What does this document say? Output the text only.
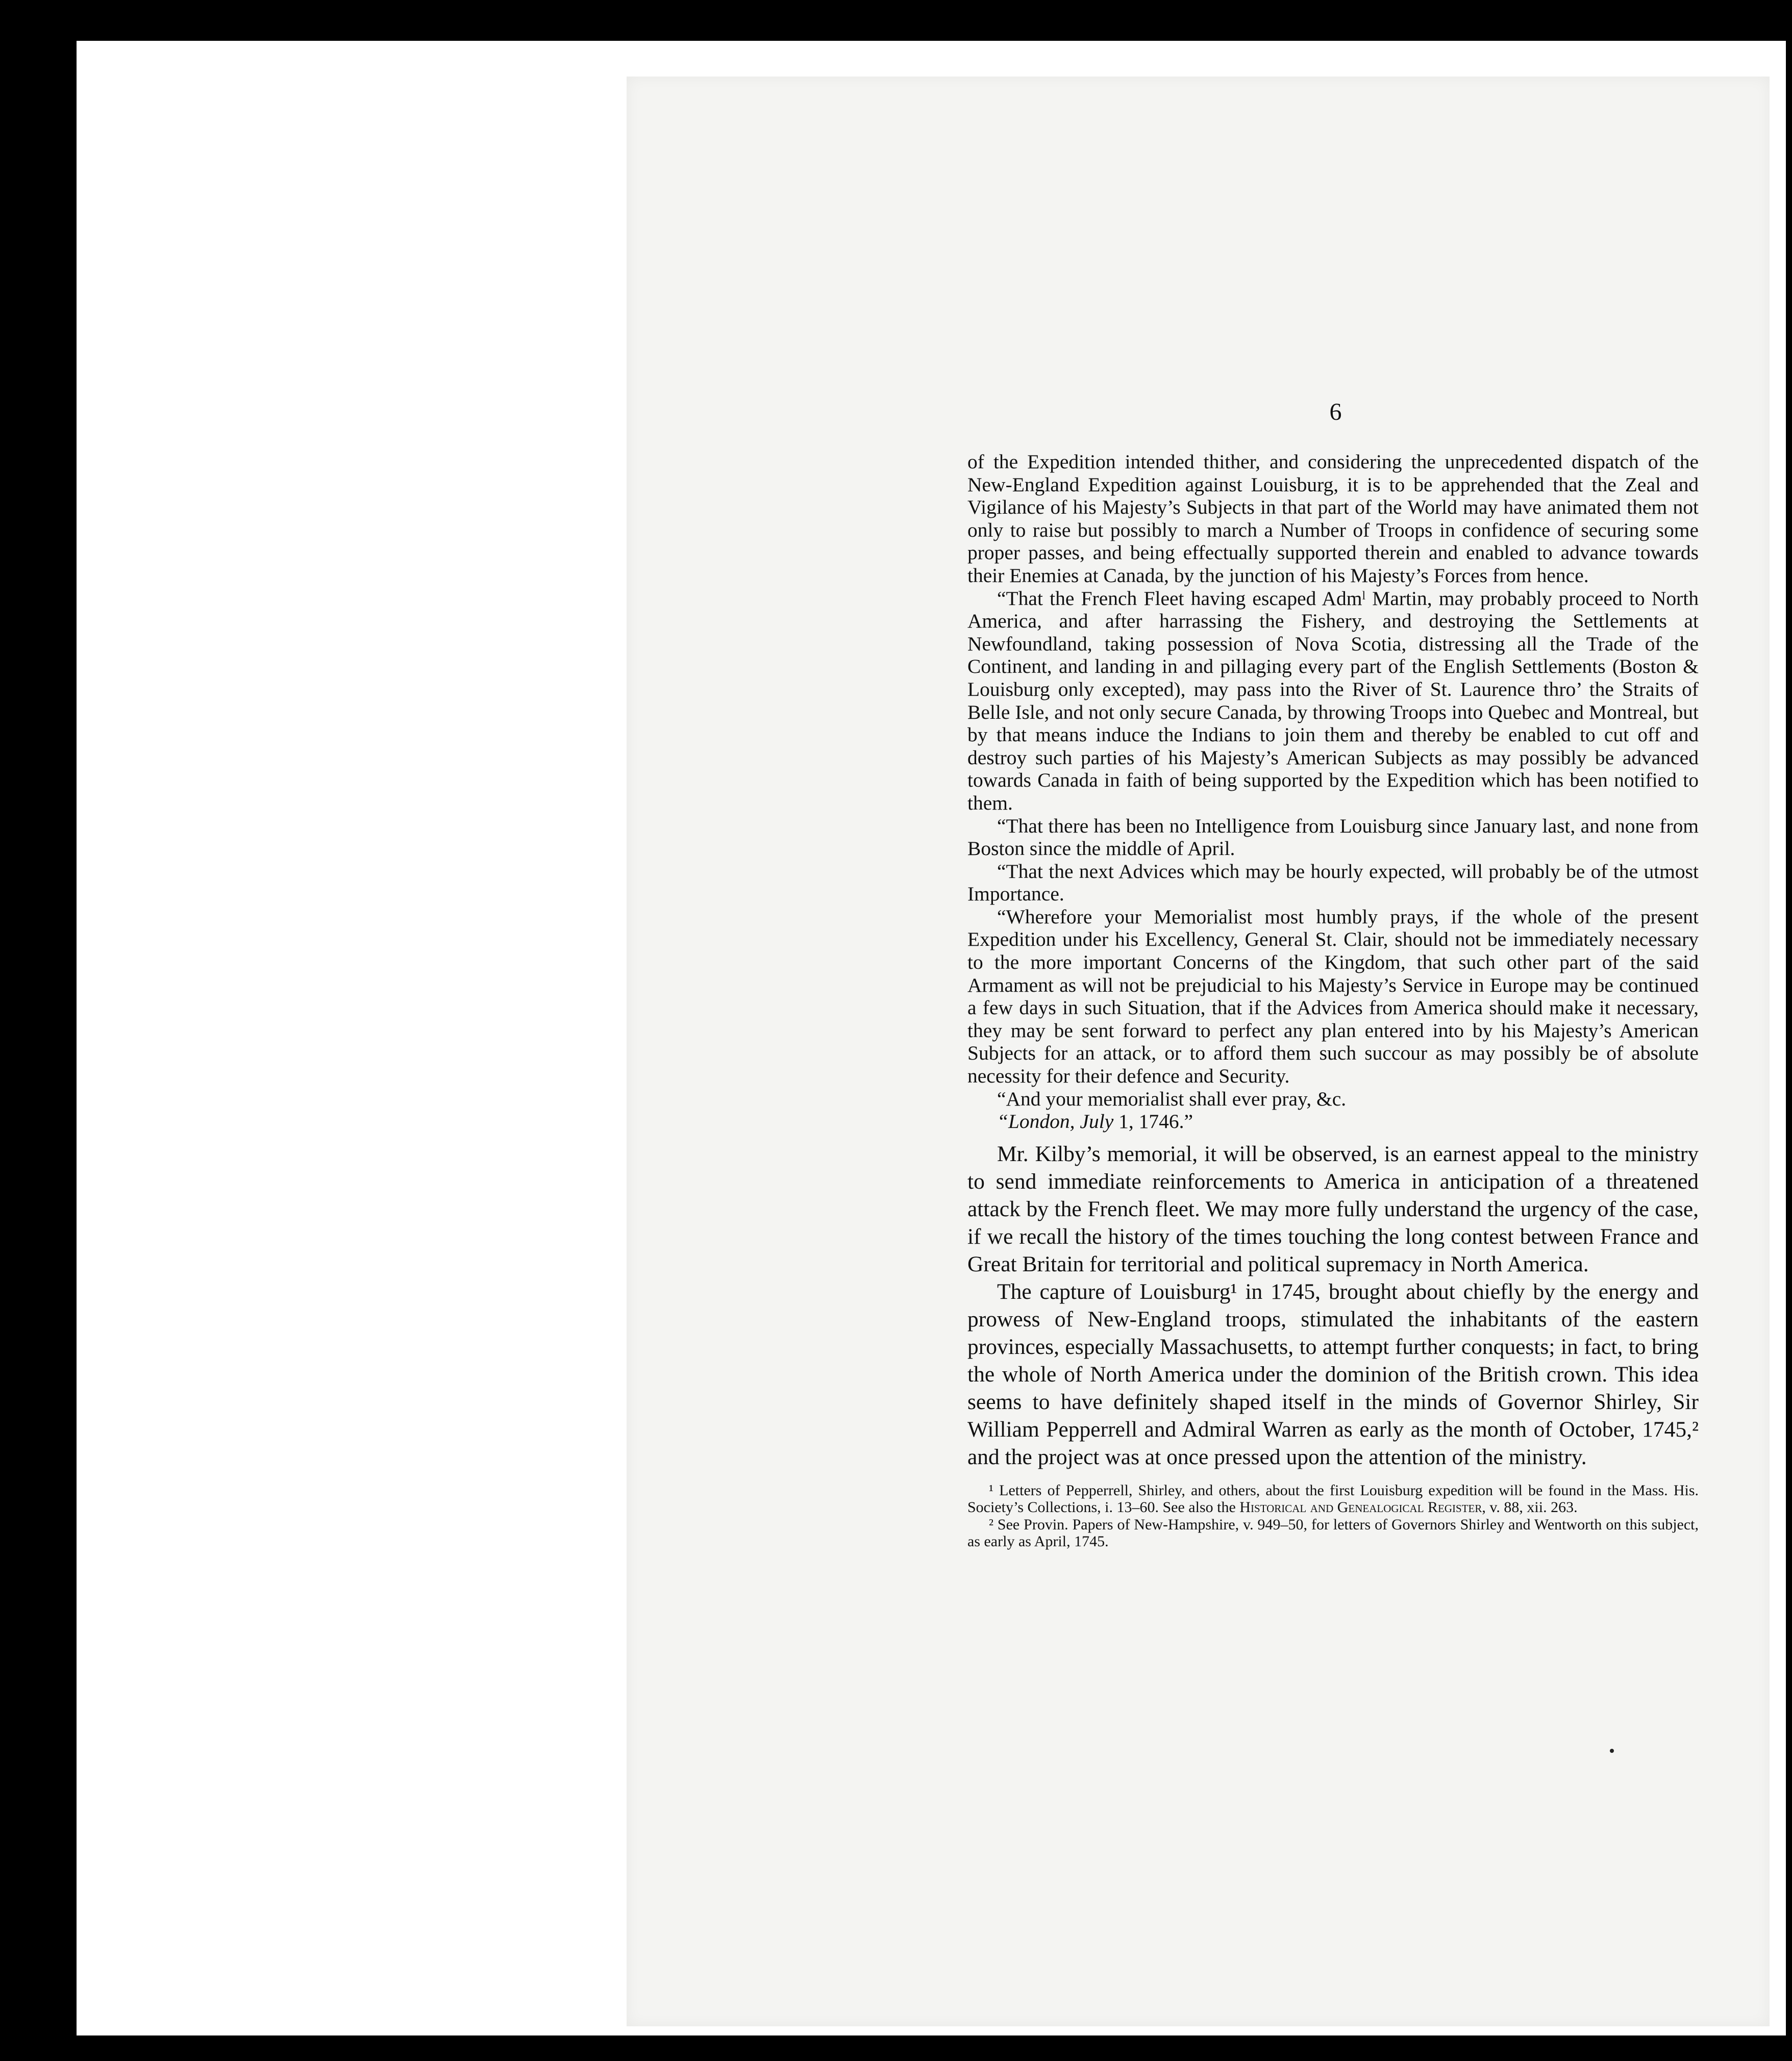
6

of the Expedition intended thither, and considering the unprecedented dispatch of the New-England Expedition against Louisburg, it is to be apprehended that the Zeal and Vigilance of his Majesty’s Subjects in that part of the World may have animated them not only to raise but possibly to march a Number of Troops in confidence of securing some proper passes, and being effectually supported therein and enabled to advance towards their Enemies at Canada, by the junction of his Majesty’s Forces from hence.

“That the French Fleet having escaped Admˡ Martin, may probably proceed to North America, and after harrassing the Fishery, and destroying the Settlements at Newfoundland, taking possession of Nova Scotia, distressing all the Trade of the Continent, and landing in and pillaging every part of the English Settlements (Boston & Louisburg only excepted), may pass into the River of St. Laurence thro’ the Straits of Belle Isle, and not only secure Canada, by throwing Troops into Quebec and Montreal, but by that means induce the Indians to join them and thereby be enabled to cut off and destroy such parties of his Majesty’s American Subjects as may possibly be advanced towards Canada in faith of being supported by the Expedition which has been notified to them.

“That there has been no Intelligence from Louisburg since January last, and none from Boston since the middle of April.

“That the next Advices which may be hourly expected, will probably be of the utmost Importance.

“Wherefore your Memorialist most humbly prays, if the whole of the present Expedition under his Excellency, General St. Clair, should not be immediately necessary to the more important Concerns of the Kingdom, that such other part of the said Armament as will not be prejudicial to his Majesty’s Service in Europe may be continued a few days in such Situation, that if the Advices from America should make it necessary, they may be sent forward to perfect any plan entered into by his Majesty’s American Subjects for an attack, or to afford them such succour as may possibly be of absolute necessity for their defence and Security.

“And your memorialist shall ever pray, &c.

“London, July 1, 1746.”

Mr. Kilby’s memorial, it will be observed, is an earnest appeal to the ministry to send immediate reinforcements to America in anticipation of a threatened attack by the French fleet. We may more fully understand the urgency of the case, if we recall the history of the times touching the long contest between France and Great Britain for territorial and political supremacy in North America.

The capture of Louisburg¹ in 1745, brought about chiefly by the energy and prowess of New-England troops, stimulated the inhabitants of the eastern provinces, especially Massachusetts, to attempt further conquests; in fact, to bring the whole of North America under the dominion of the British crown. This idea seems to have definitely shaped itself in the minds of Governor Shirley, Sir William Pepperrell and Admiral Warren as early as the month of October, 1745,² and the project was at once pressed upon the attention of the ministry.

¹ Letters of Pepperrell, Shirley, and others, about the first Louisburg expedition will be found in the Mass. His. Society’s Collections, i. 13–60. See also the Historical and Genealogical Register, v. 88, xii. 263.

² See Provin. Papers of New-Hampshire, v. 949–50, for letters of Governors Shirley and Wentworth on this subject, as early as April, 1745.
